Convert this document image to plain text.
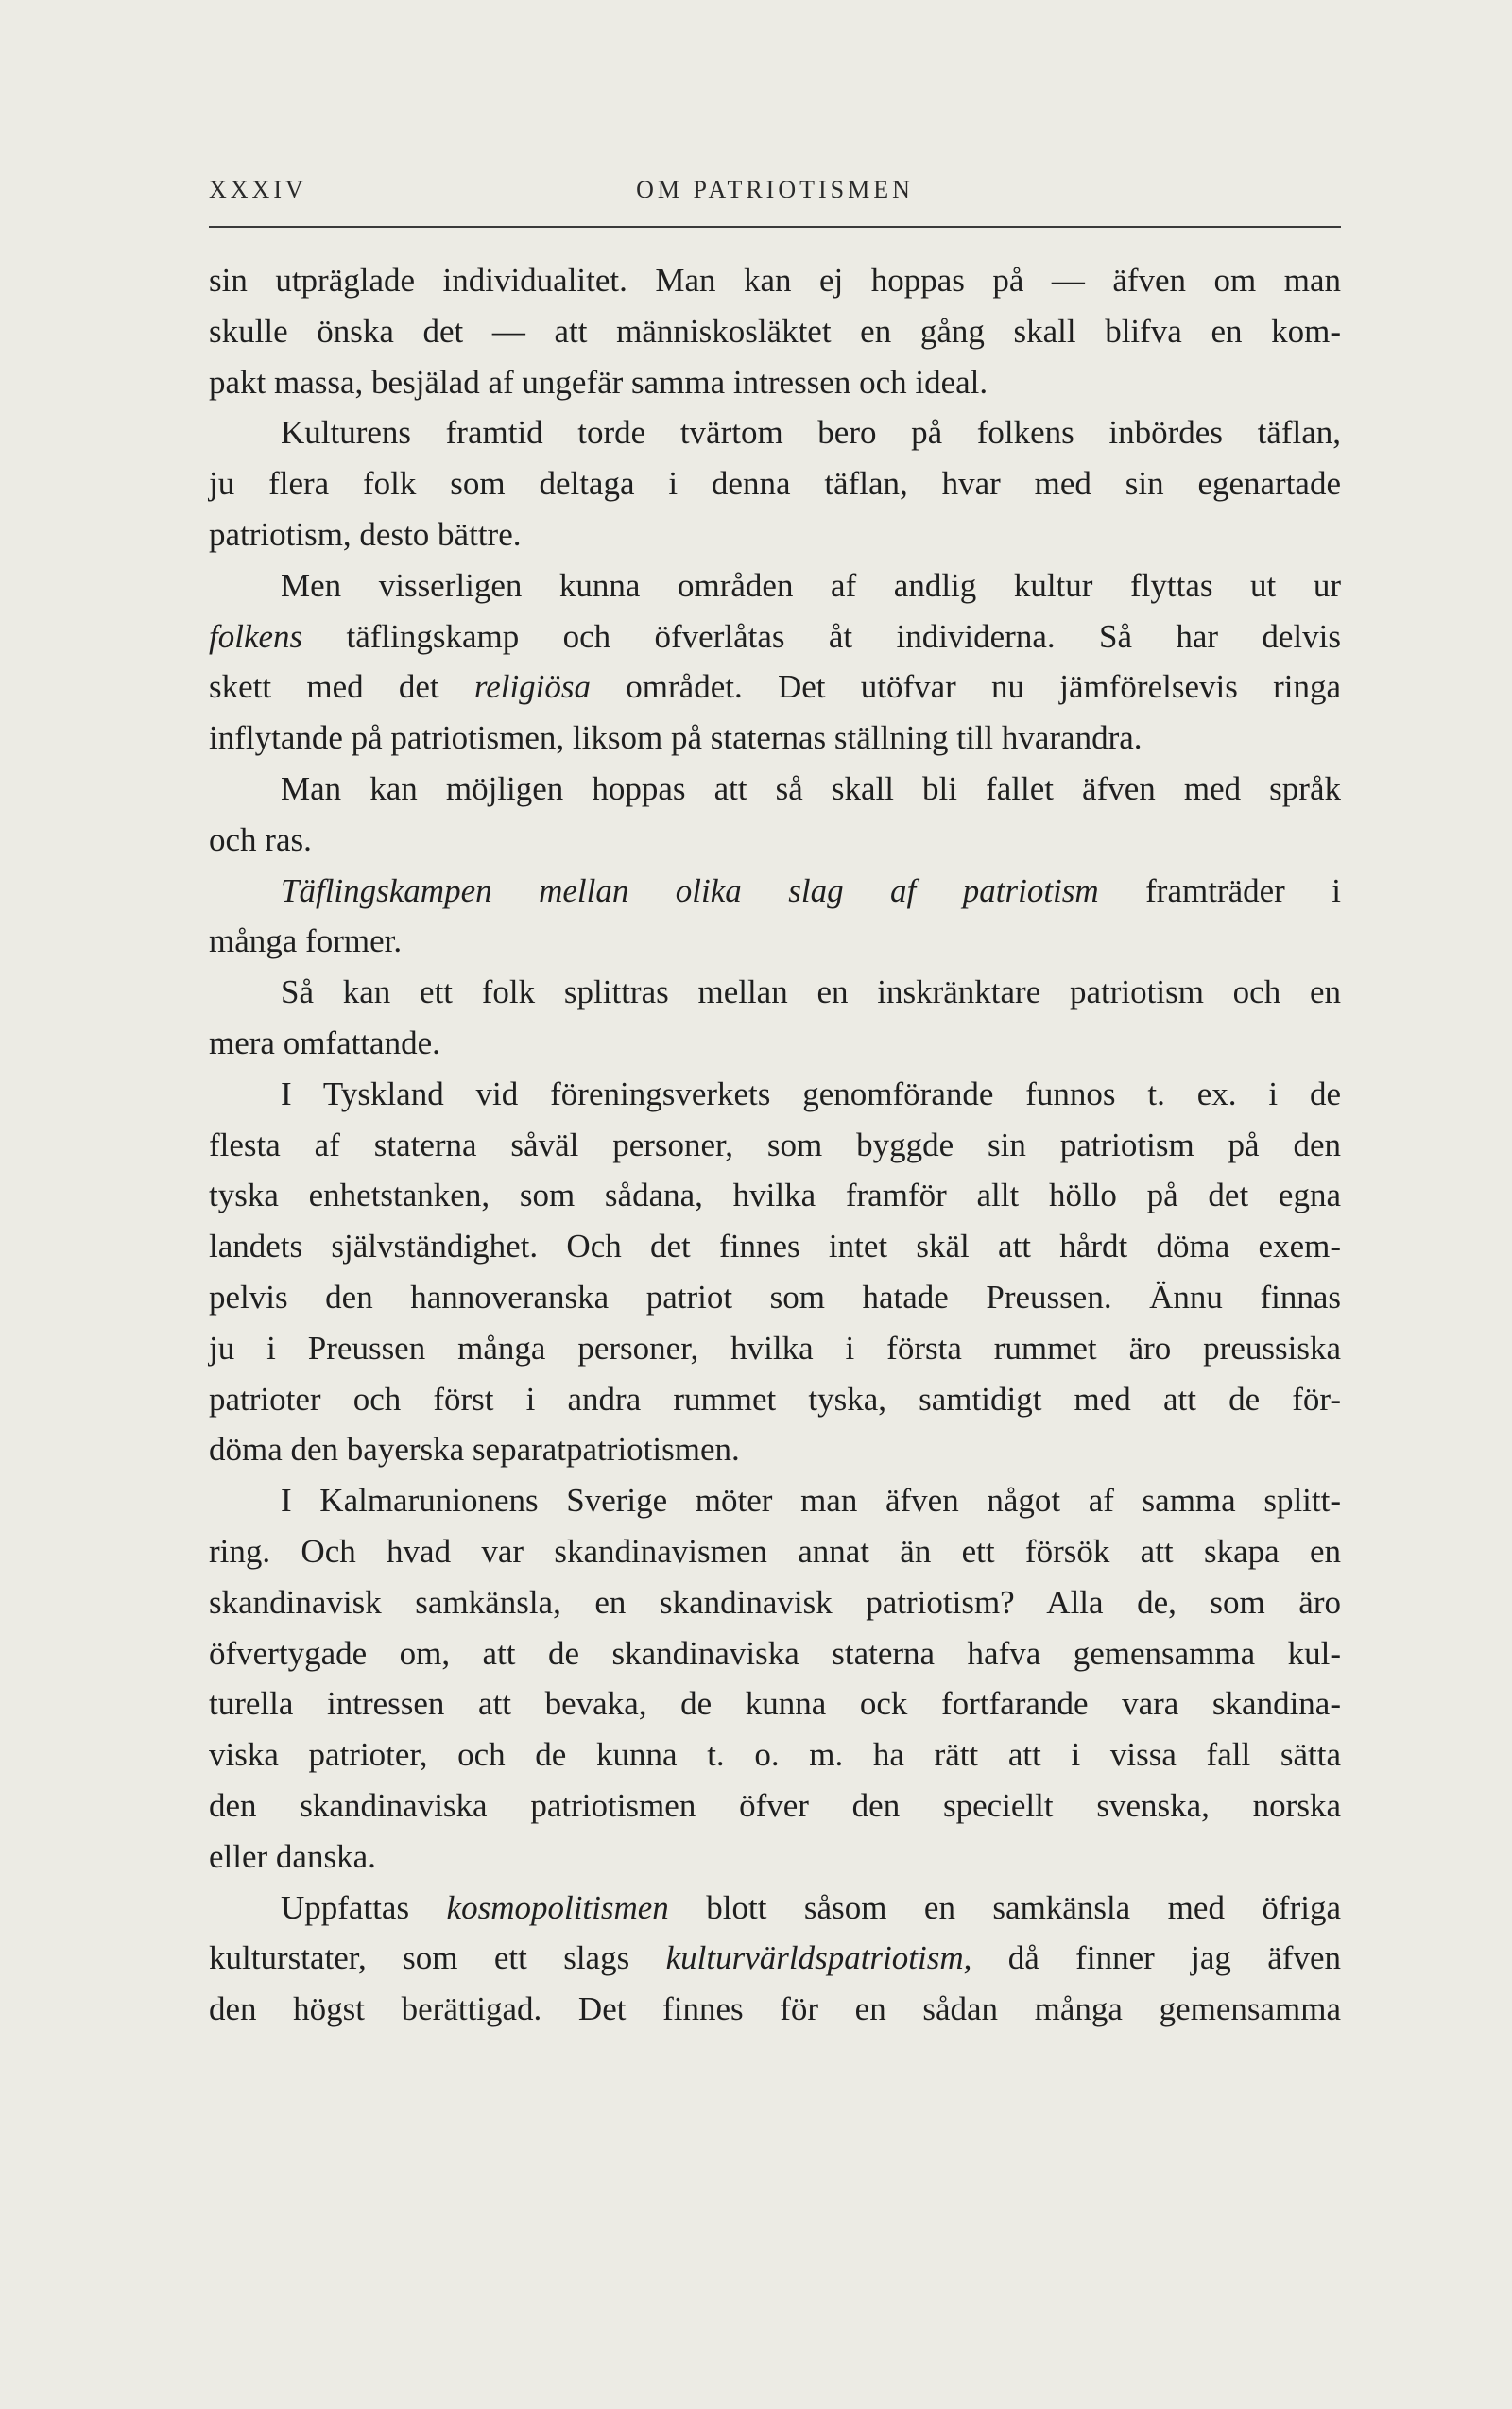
XXXIV	OM PATRIOTISMEN
sin utpräglade individualitet. Man kan ej hoppas på — äfven om man
skulle önska det — att människosläktet en gång skall blifva en kom-
pakt massa, besjälad af ungefär samma intressen och ideal.
Kulturens framtid torde tvärtom bero på folkens inbördes täflan,
ju flera folk som deltaga i denna täflan, hvar med sin egenartade
patriotism, desto bättre.
Men visserligen kunna områden af andlig kultur flyttas ut ur
folkens täflingskamp och öfverlåtas åt individerna. Så har delvis
skett med det religiösa området. Det utöfvar nu jämförelsevis ringa
inflytande på patriotismen, liksom på staternas ställning till hvarandra.
Man kan möjligen hoppas att så skall bli fallet äfven med språk
och ras.
Täflingskampen mellan olika slag af patriotism framträder i
många former.
Så kan ett folk splittras mellan en inskränktare patriotism och en
mera omfattande.
I Tyskland vid föreningsverkets genomförande funnos t. ex. i de
flesta af staterna såväl personer, som byggde sin patriotism på den
tyska enhetstanken, som sådana, hvilka framför allt höllo på det egna
landets självständighet. Och det finnes intet skäl att hårdt döma exem-
pelvis den hannoveranska patriot som hatade Preussen. Ännu finnas
ju i Preussen många personer, hvilka i första rummet äro preussiska
patrioter och först i andra rummet tyska, samtidigt med att de för-
döma den bayerska separatpatriotismen.
I Kalmarunionens Sverige möter man äfven något af samma splitt-
ring. Och hvad var skandinavismen annat än ett försök att skapa en
skandinavisk samkänsla, en skandinavisk patriotism? Alla de, som äro
öfvertygade om, att de skandinaviska staterna hafva gemensamma kul-
turella intressen att bevaka, de kunna ock fortfarande vara skandina-
viska patrioter, och de kunna t. o. m. ha rätt att i vissa fall sätta
den skandinaviska patriotismen öfver den speciellt svenska, norska
eller danska.
Uppfattas kosmopolitismen blott såsom en samkänsla med öfriga
kulturstater, som ett slags kulturvärldspatriotism, då finner jag äfven
den högst berättigad. Det finnes för en sådan många gemensamma
